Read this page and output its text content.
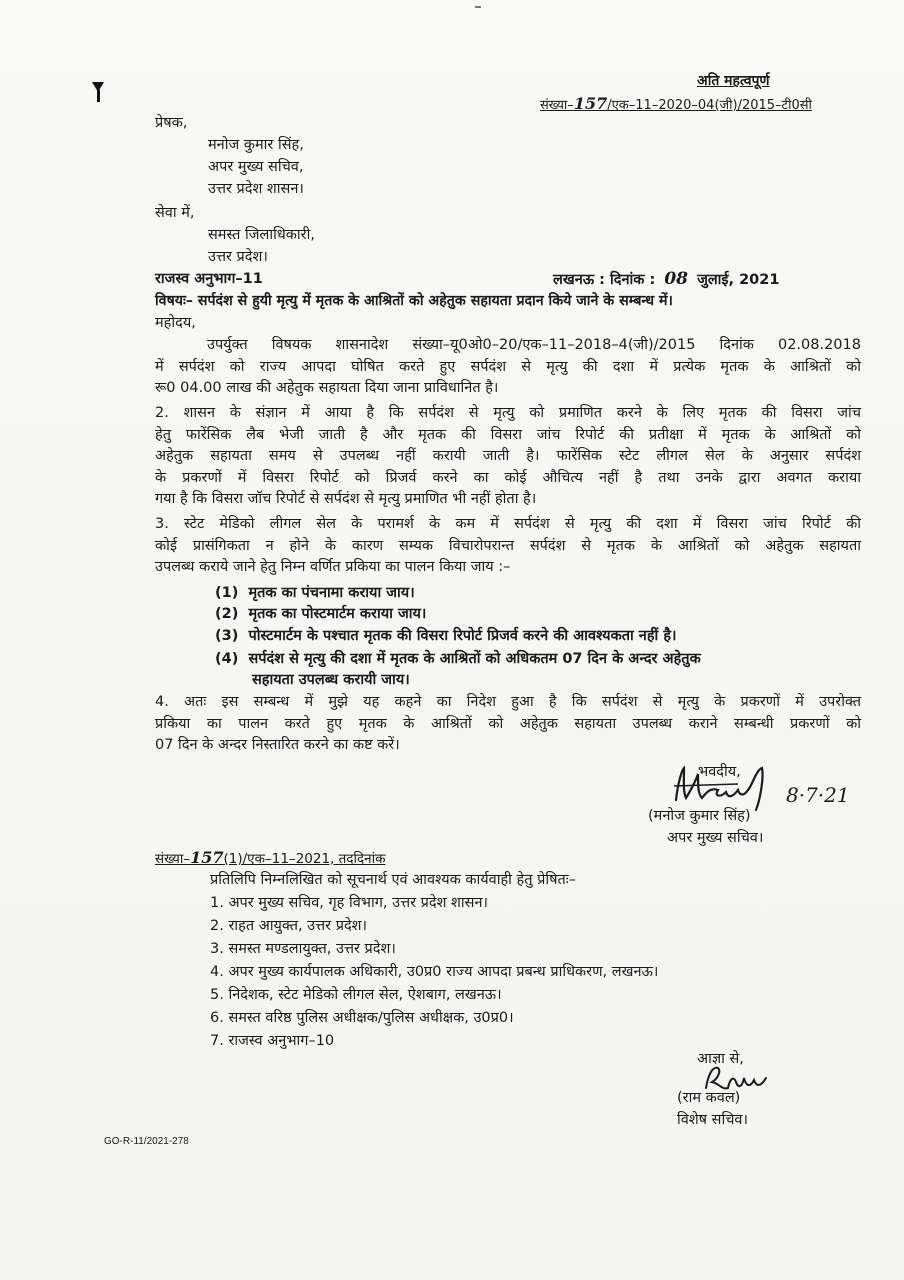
अति महत्वपूर्ण
संख्या–157/एक–11–2020–04(जी)/2015–टी0सी
प्रेषक,
मनोज कुमार सिंह,
अपर मुख्य सचिव,
उत्तर प्रदेश शासन।
सेवा में,
समस्त जिलाधिकारी,
उत्तर प्रदेश।
राजस्व अनुभाग–11	लखनऊ : दिनांक : 08 जुलाई, 2021
विषयः– सर्पदंश से हुयी मृत्यु में मृतक के आश्रितों को अहेतुक सहायता प्रदान किये जाने के सम्बन्ध में।
महोदय,
उपर्युक्त विषयक शासनादेश संख्या–यू0ओ0–20/एक–11–2018–4(जी)/2015 दिनांक 02.08.2018
में सर्पदंश को राज्य आपदा घोषित करते हुए सर्पदंश से मृत्यु की दशा में प्रत्येक मृतक के आश्रितों को
रू0 04.00 लाख की अहेतुक सहायता दिया जाना प्राविधानित है।
2. शासन के संज्ञान में आया है कि सर्पदंश से मृत्यु को प्रमाणित करने के लिए मृतक की विसरा जांच
हेतु फारेंसिक लैब भेजी जाती है और मृतक की विसरा जांच रिपोर्ट की प्रतीक्षा में मृतक के आश्रितों को
अहेतुक सहायता समय से उपलब्ध नहीं करायी जाती है। फारेंसिक स्टेट लीगल सेल के अनुसार सर्पदंश
के प्रकरणों में विसरा रिपोर्ट को प्रिजर्व करने का कोई औचित्य नहीं है तथा उनके द्वारा अवगत कराया
गया है कि विसरा जॉच रिपोर्ट से सर्पदंश से मृत्यु प्रमाणित भी नहीं होता है।
3. स्टेट मेडिको लीगल सेल के परामर्श के कम में सर्पदंश से मृत्यु की दशा में विसरा जांच रिपोर्ट की
कोई प्रासंगिकता न होने के कारण सम्यक विचारोपरान्त सर्पदंश से मृतक के आश्रितों को अहेतुक सहायता
उपलब्ध कराये जाने हेतु निम्न वर्णित प्रकिया का पालन किया जाय :–
(1) मृतक का पंचनामा कराया जाय।
(2) मृतक का पोस्टमार्टम कराया जाय।
(3) पोस्टमार्टम के पश्चात मृतक की विसरा रिपोर्ट प्रिजर्व करने की आवश्यकता नहीं है।
(4) सर्पदंश से मृत्यु की दशा में मृतक के आश्रितों को अधिकतम 07 दिन के अन्दर अहेतुक
सहायता उपलब्ध करायी जाय।
4. अतः इस सम्बन्ध में मुझे यह कहने का निदेश हुआ है कि सर्पदंश से मृत्यु के प्रकरणों में उपरोक्त
प्रकिया का पालन करते हुए मृतक के आश्रितों को अहेतुक सहायता उपलब्ध कराने सम्बन्धी प्रकरणों को
07 दिन के अन्दर निस्तारित करने का कष्ट करें।
भवदीय,
8·7·21
(मनोज कुमार सिंह)
अपर मुख्य सचिव।
संख्या–157(1)/एक–11–2021, तददिनांक
प्रतिलिपि निम्नलिखित को सूचनार्थ एवं आवश्यक कार्यवाही हेतु प्रेषितः–
1. अपर मुख्य सचिव, गृह विभाग, उत्तर प्रदेश शासन।
2. राहत आयुक्त, उत्तर प्रदेश।
3. समस्त मण्डलायुक्त, उत्तर प्रदेश।
4. अपर मुख्य कार्यपालक अधिकारी, उ0प्र0 राज्य आपदा प्रबन्ध प्राधिकरण, लखनऊ।
5. निदेशक, स्टेट मेडिको लीगल सेल, ऐशबाग, लखनऊ।
6. समस्त वरिष्ठ पुलिस अधीक्षक/पुलिस अधीक्षक, उ0प्र0।
7. राजस्व अनुभाग–10
आज्ञा से,
(राम कवल)
विशेष सचिव।
GO-R-11/2021-278
